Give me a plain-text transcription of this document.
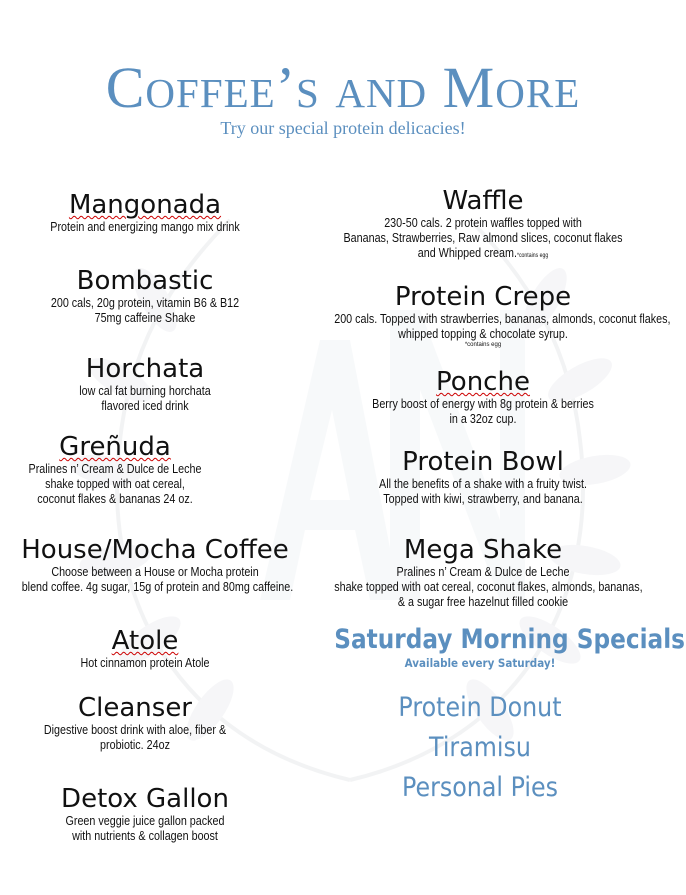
Coffee’s and More
Try our special protein delicacies!
Mangonada
Protein and energizing mango mix drink
Bombastic
200 cals, 20g protein, vitamin B6 & B12
75mg caffeine Shake
Horchata
low cal fat burning horchata
flavored iced drink
Greñuda
Pralines n’ Cream & Dulce de Leche
shake topped with oat cereal,
coconut flakes & bananas 24 oz.
House/Mocha Coffee
Choose between a House or Mocha protein
blend coffee. 4g sugar, 15g of protein and 80mg caffeine.
Atole
Hot cinnamon protein Atole
Cleanser
Digestive boost drink with aloe, fiber &
probiotic. 24oz
Detox Gallon
Green veggie juice gallon packed
with nutrients & collagen boost
Waffle
230-50 cals. 2 protein waffles topped with
Bananas, Strawberries, Raw almond slices, coconut flakes
and Whipped cream.*contains egg
Protein Crepe
200 cals. Topped with strawberries, bananas, almonds, coconut flakes,
whipped topping & chocolate syrup.
*contains egg
Ponche
Berry boost of energy with 8g protein & berries
in a 32oz cup.
Protein Bowl
All the benefits of a shake with a fruity twist.
Topped with kiwi, strawberry, and banana.
Mega Shake
Pralines n’ Cream & Dulce de Leche
shake topped with oat cereal, coconut flakes, almonds, bananas,
& a sugar free hazelnut filled cookie
Saturday Morning Specials
Available every Saturday!
Protein Donut
Tiramisu
Personal Pies
